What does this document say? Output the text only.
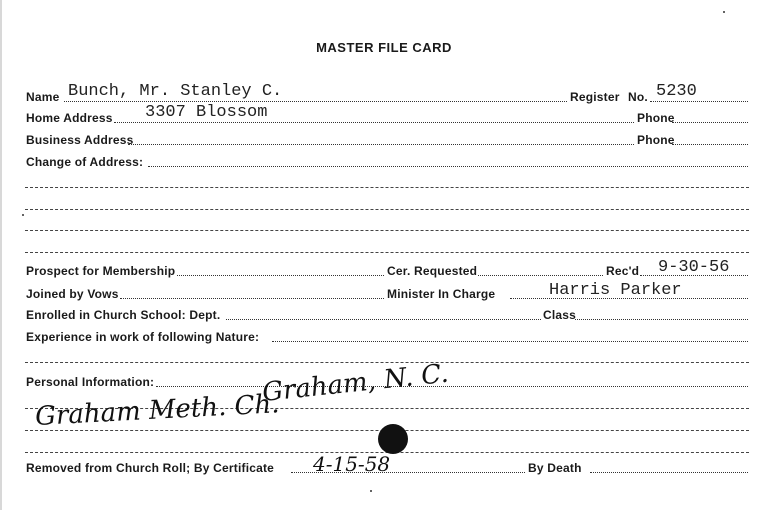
MASTER FILE CARD
Name Bunch, Mr. Stanley C.	Register No. 5230
Home Address 3307 Blossom	Phone
Business Address	Phone
Change of Address:
Prospect for Membership	Cer. Requested	Rec'd 9-30-56
Joined by Vows	Minister In Charge	Harris Parker
Enrolled in Church School: Dept.	Class
Experience in work of following Nature:
Personal Information:	Graham, N. C.
Graham Meth. Ch.
Removed from Church Roll; By Certificate 4-15-58	By Death
